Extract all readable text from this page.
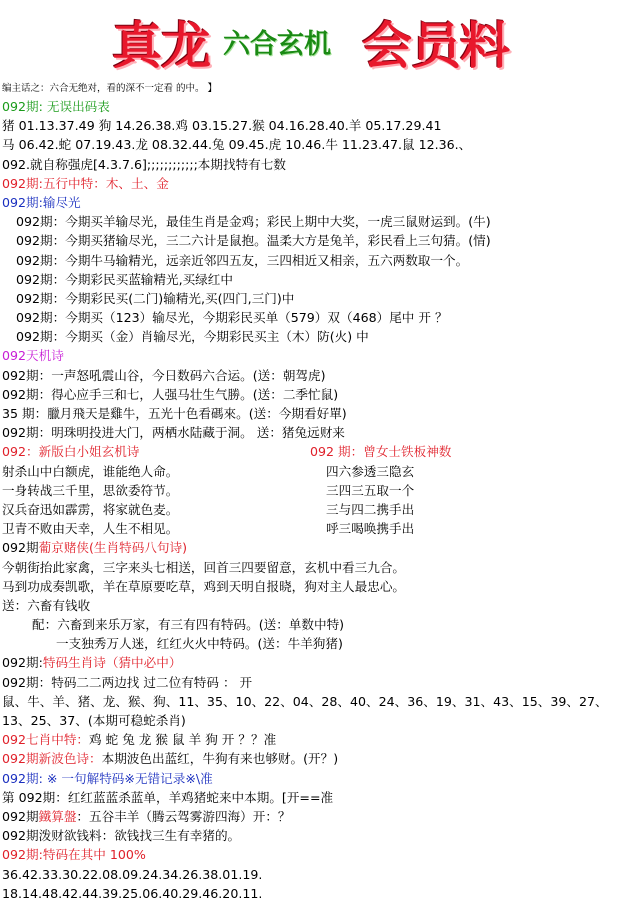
真龙 六合玄机 会员料
编主话之：六合无绝对，看的深不一定看 的中。 】
092期: 无误出码表
猪 01.13.37.49 狗 14.26.38.鸡 03.15.27.猴 04.16.28.40.羊 05.17.29.41
马 06.42.蛇 07.19.43.龙 08.32.44.兔 09.45.虎 10.46.牛 11.23.47.鼠 12.36.、
092.就自称强虎[4.3.7.6];;;;;;;;;;;;本期找特有七数
092期:五行中特：木、土、金
092期:输尽光
092期：今期买羊输尽光，最佳生肖是金鸡；彩民上期中大奖，一虎三鼠财运到。(牛)
092期：今期买猪输尽光，三二六计是鼠抱。温柔大方是兔羊，彩民看上三句猜。(情)
092期：今期牛马输精光，远亲近邻四五友，三四相近又相亲，五六两数取一个。
092期：今期彩民买蓝输精光,买绿红中
092期：今期彩民买(二门)输精光,买(四门,三门)中
092期：今期买（123）输尽光，今期彩民买单（579）双（468）尾中 开 ？
092期：今期买（金）肖输尽光，今期彩民买主（木）防(火) 中
092天机诗
092期：一声怒吼震山谷，今日数码六合运。(送：朝驾虎)
092期：得心应手三和七，人强马壮生气勝。(送：二季忙鼠)
35 期：臘月飛天是雞牛，五光十色看碼來。(送：今期看好單)
092期：明珠明投进大门，两栖水陆藏于洞。 送：猪兔远财来
092：新版白小姐玄机诗	092 期：曾女士铁板神数
射杀山中白额虎，谁能绝人命。	四六参透三隐玄
一身转战三千里，思欲委符节。	三四三五取一个
汉兵奋迅如霹雳，将家就色麦。	三与四二携手出
卫青不败由天幸，人生不相见。	呼三喝唤携手出
092期葡京赌侠(生肖特码八句诗)
今朝街抬此家禽，三字来头七相送，回首三四要留意，玄机中看三九合。
马到功成奏凯歌，羊在草原要吃草，鸡到天明自报晓，狗对主人最忠心。
送：六畜有钱收
配：六畜到来乐万家，有三有四有特码。(送：单数中特)
一支独秀万人迷，红红火火中特码。(送：牛羊狗猪)
092期:特码生肖诗（猜中必中）
092期：特码二二两边找 过二位有特码 ： 开
鼠、牛、羊、猪、龙、猴、狗、11、35、10、22、04、28、40、24、36、19、31、43、15、39、27、
13、25、37、(本期可稳蛇杀肖)
092七肖中特：鸡 蛇 兔 龙 猴 鼠 羊 狗 开 ？？准
092期新波色诗：本期波色出蓝红，牛狗有来也够财。(开？)
092期: ※ 一句解特码※无错记录※\准
第 092期：红红蓝蓝杀蓝单，羊鸡猪蛇来中本期。[开==准
092期鐵算盤：五谷丰羊（腾云驾雾游四海）开：？
092期泼财欲钱料：欲钱找三生有幸猪的。
092期:特码在其中 100%
36.42.33.30.22.08.09.24.34.26.38.01.19.
18.14.48.42.44.39.25.06.40.29.46.20.11.
